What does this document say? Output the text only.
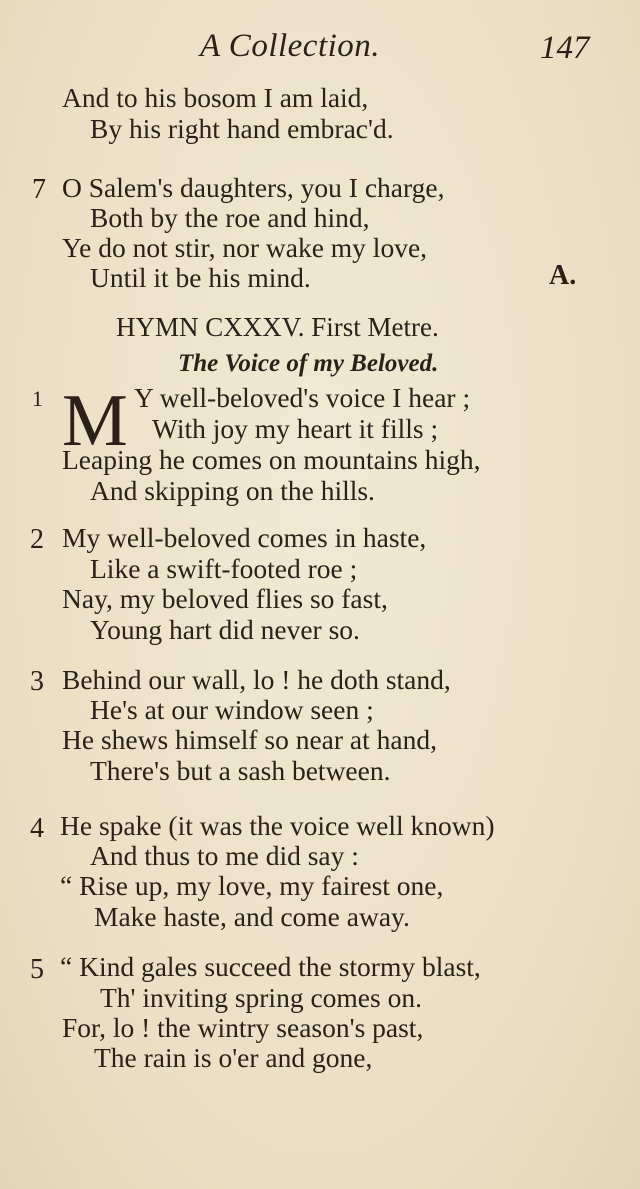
A Collection.	147
And to his bosom I am laid,
By his right hand embrac'd.
7 O Salem's daughters, you I charge,
Both by the roe and hind,
Ye do not stir, nor wake my love,
Until it be his mind.	A.
HYMN CXXXV. First Metre.
The Voice of my Beloved.
1 M Y well-beloved's voice I hear ;
With joy my heart it fills ;
Leaping he comes on mountains high,
And skipping on the hills.
2 My well-beloved comes in haste,
Like a swift-footed roe ;
Nay, my beloved flies so fast,
Young hart did never so.
3 Behind our wall, lo ! he doth stand,
He's at our window seen ;
He shews himself so near at hand,
There's but a sash between.
4 He spake (it was the voice well known)
And thus to me did say :
“ Rise up, my love, my fairest one,
Make haste, and come away.
5 “ Kind gales succeed the stormy blast,
Th' inviting spring comes on.
For, lo ! the wintry season's past,
The rain is o'er and gone,
